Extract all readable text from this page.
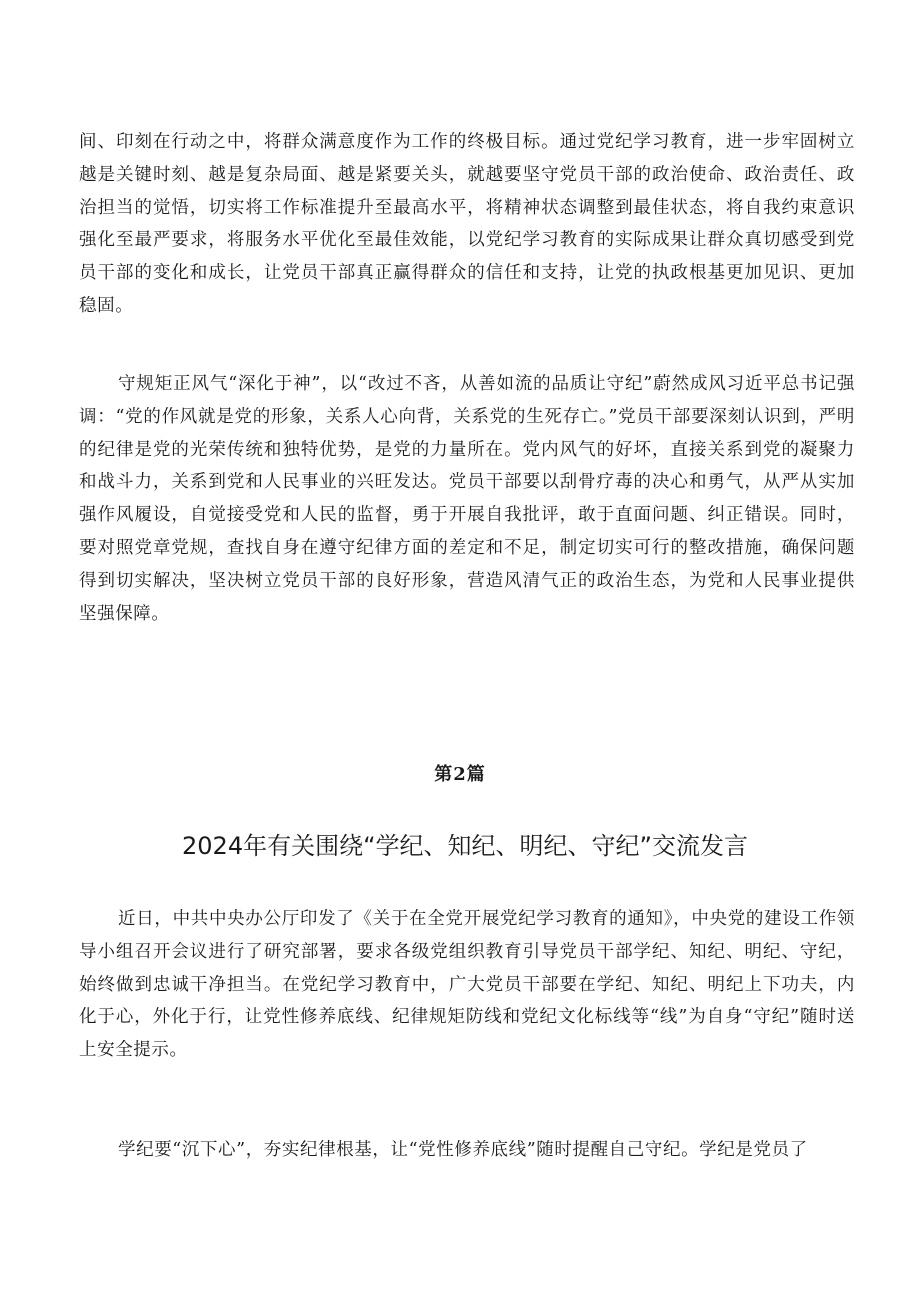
间、印刻在行动之中，将群众满意度作为工作的终极目标。通过党纪学习教育，进一步牢固树立越是关键时刻、越是复杂局面、越是紧要关头，就越要坚守党员干部的政治使命、政治责任、政治担当的觉悟，切实将工作标准提升至最高水平，将精神状态调整到最佳状态，将自我约束意识强化至最严要求，将服务水平优化至最佳效能，以党纪学习教育的实际成果让群众真切感受到党员干部的变化和成长，让党员干部真正赢得群众的信任和支持，让党的执政根基更加见识、更加稳固。

守规矩正风气“深化于神”，以“改过不吝，从善如流的品质让守纪”蔚然成风习近平总书记强调：“党的作风就是党的形象，关系人心向背，关系党的生死存亡。”党员干部要深刻认识到，严明的纪律是党的光荣传统和独特优势，是党的力量所在。党内风气的好坏，直接关系到党的凝聚力和战斗力，关系到党和人民事业的兴旺发达。党员干部要以刮骨疗毒的决心和勇气，从严从实加强作风履设，自觉接受党和人民的监督，勇于开展自我批评，敢于直面问题、纠正错误。同时，要对照党章党规，查找自身在遵守纪律方面的差定和不足，制定切实可行的整改措施，确保问题得到切实解决，坚决树立党员干部的良好形象，营造风清气正的政治生态，为党和人民事业提供坚强保障。

第2篇

2024年有关围绕“学纪、知纪、明纪、守纪”交流发言

近日，中共中央办公厅印发了《关于在全党开展党纪学习教育的通知》，中央党的建设工作领导小组召开会议进行了研究部署，要求各级党组织教育引导党员干部学纪、知纪、明纪、守纪，始终做到忠诚干净担当。在党纪学习教育中，广大党员干部要在学纪、知纪、明纪上下功夫，内化于心，外化于行，让党性修养底线、纪律规矩防线和党纪文化标线等“线”为自身“守纪”随时送上安全提示。

学纪要“沉下心”，夯实纪律根基，让“党性修养底线”随时提醒自己守纪。学纪是党员了
